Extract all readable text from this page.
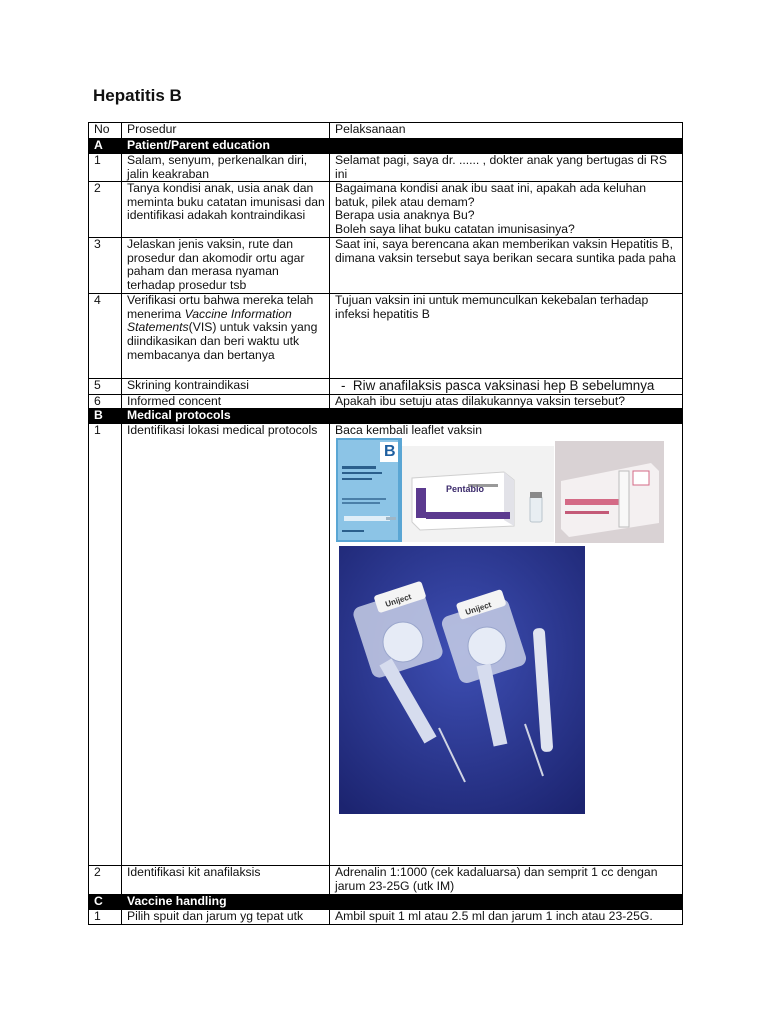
Hepatitis B
No	Prosedur	Pelaksanaan
A	Patient/Parent education	
1	Salam, senyum, perkenalkan diri, jalin keakraban	Selamat pagi, saya dr. ...... , dokter anak yang bertugas di RS ini
2	Tanya kondisi anak, usia anak dan meminta buku catatan imunisasi dan identifikasi adakah kontraindikasi	Bagaimana kondisi anak ibu saat ini, apakah ada keluhan batuk, pilek atau demam?
Berapa usia anaknya Bu?
Boleh saya lihat buku catatan imunisasinya?

3	Jelaskan jenis vaksin, rute dan prosedur dan akomodir ortu agar paham dan merasa nyaman terhadap prosedur tsb	Saat ini, saya berencana akan memberikan vaksin Hepatitis B, dimana vaksin tersebut saya berikan secara suntika pada paha
4	Verifikasi ortu bahwa mereka telah menerima Vaccine Information Statements(VIS) untuk vaksin yang diindikasikan dan beri waktu utk membacanya dan bertanya	Tujuan vaksin ini untuk memunculkan kekebalan terhadap infeksi hepatitis B
5	Skrining kontraindikasi	- Riw anafilaksis pasca vaksinasi hep B sebelumnya
6	Informed concent	Apakah ibu setuju atas dilakukannya vaksin tersebut?
B	Medical protocols	
1	Identifikasi lokasi medical protocols	Baca kembali leaflet vaksin
2	Identifikasi kit anafilaksis	Adrenalin 1:1000 (cek kadaluarsa) dan semprit 1 cc dengan jarum 23-25G (utk IM)
C	Vaccine handling	
1	Pilih spuit dan jarum yg tepat utk	Ambil spuit 1 ml atau 2.5 ml dan jarum 1 inch atau 23-25G.
B
Pentabio
Uniject	Uniject
